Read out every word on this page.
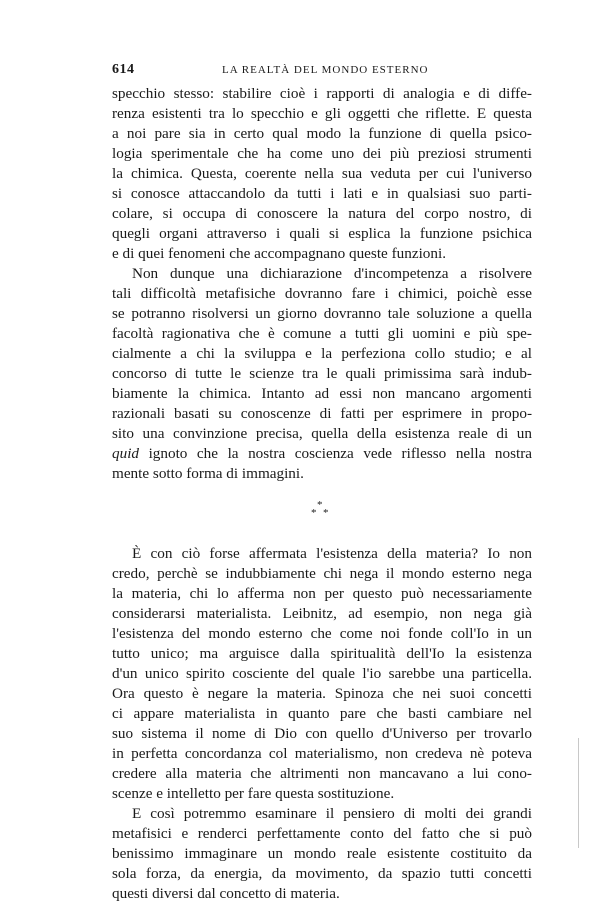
614	LA REALTÀ DEL MONDO ESTERNO
specchio stesso: stabilire cioè i rapporti di analogia e di diffe-
renza esistenti tra lo specchio e gli oggetti che riflette. E questa
a noi pare sia in certo qual modo la funzione di quella psico-
logia sperimentale che ha come uno dei più preziosi strumenti
la chimica. Questa, coerente nella sua veduta per cui l'universo
si conosce attaccandolo da tutti i lati e in qualsiasi suo parti-
colare, si occupa di conoscere la natura del corpo nostro, di
quegli organi attraverso i quali si esplica la funzione psichica
e di quei fenomeni che accompagnano queste funzioni.
Non dunque una dichiarazione d'incompetenza a risolvere
tali difficoltà metafisiche dovranno fare i chimici, poichè esse
se potranno risolversi un giorno dovranno tale soluzione a quella
facoltà ragionativa che è comune a tutti gli uomini e più spe-
cialmente a chi la sviluppa e la perfeziona collo studio; e al
concorso di tutte le scienze tra le quali primissima sarà indub-
biamente la chimica. Intanto ad essi non mancano argomenti
razionali basati su conoscenze di fatti per esprimere in propo-
sito una convinzione precisa, quella della esistenza reale di un
quid ignoto che la nostra coscienza vede riflesso nella nostra
mente sotto forma di immagini.
*
* *
È con ciò forse affermata l'esistenza della materia? Io non
credo, perchè se indubbiamente chi nega il mondo esterno nega
la materia, chi lo afferma non per questo può necessariamente
considerarsi materialista. Leibnitz, ad esempio, non nega già
l'esistenza del mondo esterno che come noi fonde coll'Io in un
tutto unico; ma arguisce dalla spiritualità dell'Io la esistenza
d'un unico spirito cosciente del quale l'io sarebbe una particella.
Ora questo è negare la materia. Spinoza che nei suoi concetti
ci appare materialista in quanto pare che basti cambiare nel
suo sistema il nome di Dio con quello d'Universo per trovarlo
in perfetta concordanza col materialismo, non credeva nè poteva
credere alla materia che altrimenti non mancavano a lui cono-
scenze e intelletto per fare questa sostituzione.
E così potremmo esaminare il pensiero di molti dei grandi
metafisici e renderci perfettamente conto del fatto che si può
benissimo immaginare un mondo reale esistente costituito da
sola forza, da energia, da movimento, da spazio tutti concetti
questi diversi dal concetto di materia.
